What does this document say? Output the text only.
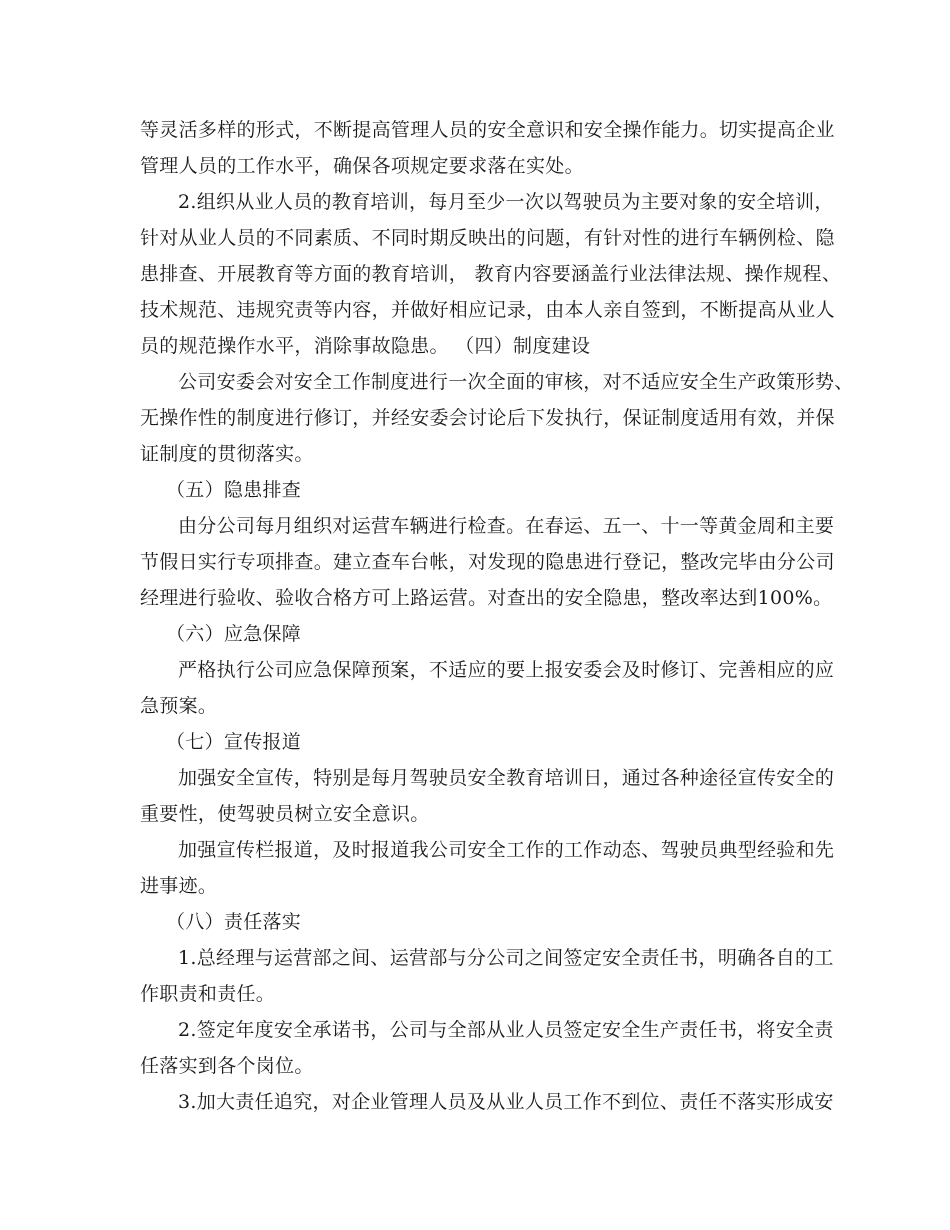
等灵活多样的形式，不断提高管理人员的安全意识和安全操作能力。切实提高企业
管理人员的工作水平，确保各项规定要求落在实处。
2.组织从业人员的教育培训，每月至少一次以驾驶员为主要对象的安全培训，
针对从业人员的不同素质、不同时期反映出的问题，有针对性的进行车辆例检、隐
患排查、开展教育等方面的教育培训， 教育内容要涵盖行业法律法规、操作规程、
技术规范、违规究责等内容，并做好相应记录，由本人亲自签到，不断提高从业人
员的规范操作水平，消除事故隐患。 （四）制度建设
公司安委会对安全工作制度进行一次全面的审核，对不适应安全生产政策形势、
无操作性的制度进行修订，并经安委会讨论后下发执行，保证制度适用有效，并保
证制度的贯彻落实。
（五）隐患排查
由分公司每月组织对运营车辆进行检查。在春运、五一、十一等黄金周和主要
节假日实行专项排查。建立查车台帐，对发现的隐患进行登记，整改完毕由分公司
经理进行验收、验收合格方可上路运营。对查出的安全隐患，整改率达到100%。
（六）应急保障
严格执行公司应急保障预案，不适应的要上报安委会及时修订、完善相应的应
急预案。
（七）宣传报道
加强安全宣传，特别是每月驾驶员安全教育培训日，通过各种途径宣传安全的
重要性，使驾驶员树立安全意识。
加强宣传栏报道，及时报道我公司安全工作的工作动态、驾驶员典型经验和先
进事迹。
（八）责任落实
1.总经理与运营部之间、运营部与分公司之间签定安全责任书，明确各自的工
作职责和责任。
2.签定年度安全承诺书，公司与全部从业人员签定安全生产责任书，将安全责
任落实到各个岗位。
3.加大责任追究，对企业管理人员及从业人员工作不到位、责任不落实形成安
